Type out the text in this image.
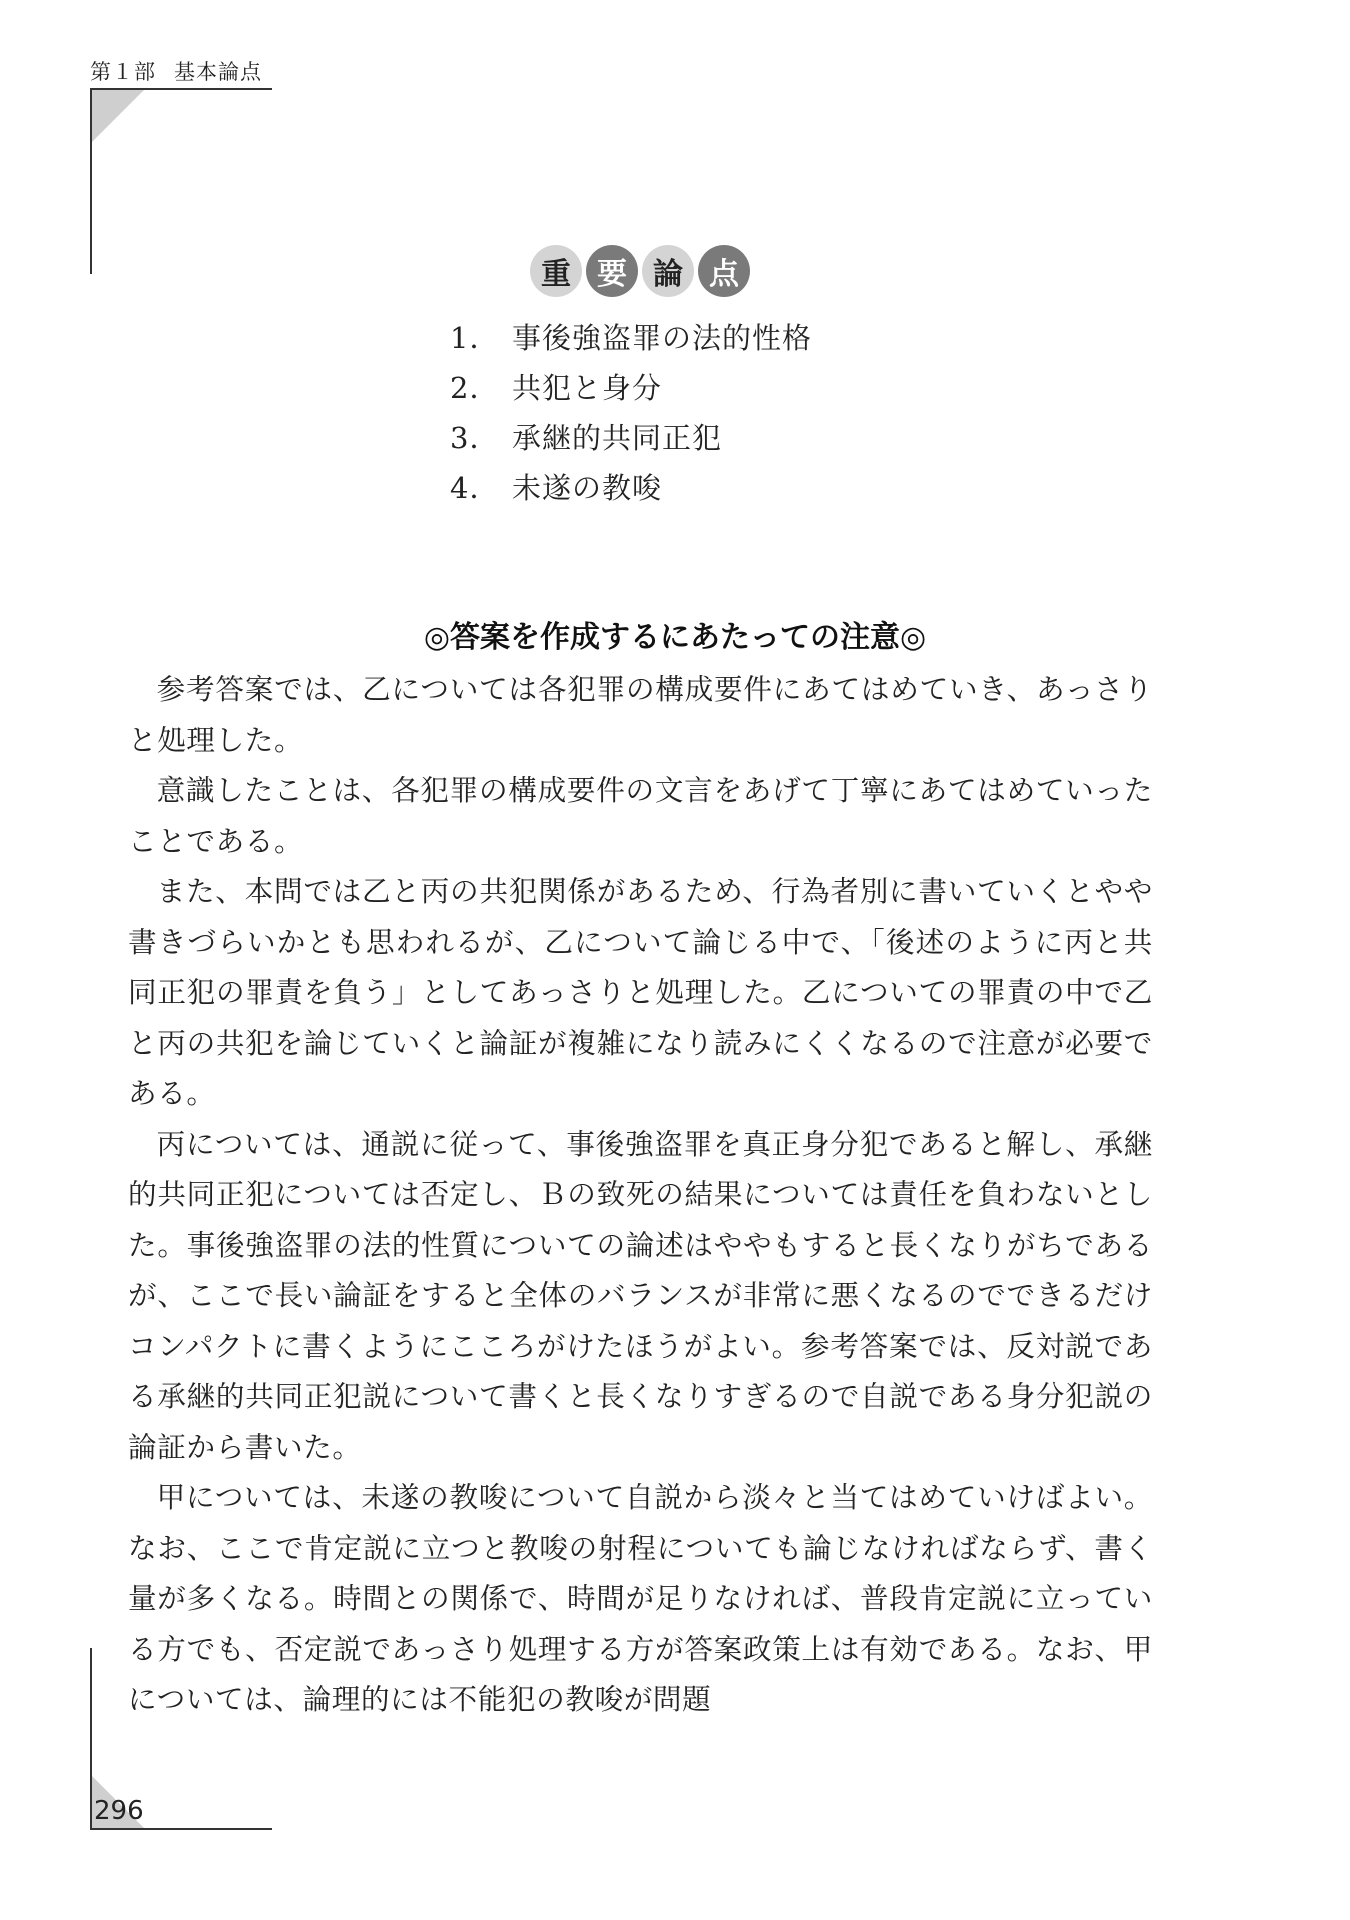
第１部 基本論点
重 要 論 点
1． 事後強盗罪の法的性格
2． 共犯と身分
3． 承継的共同正犯
4． 未遂の教唆
◎答案を作成するにあたっての注意◎

参考答案では、乙については各犯罪の構成要件にあてはめていき、あっさりと処理した。

意識したことは、各犯罪の構成要件の文言をあげて丁寧にあてはめていったことである。

また、本問では乙と丙の共犯関係があるため、行為者別に書いていくとやや書きづらいかとも思われるが、乙について論じる中で、「後述のように丙と共同正犯の罪責を負う」としてあっさりと処理した。乙についての罪責の中で乙と丙の共犯を論じていくと論証が複雑になり読みにくくなるので注意が必要である。

丙については、通説に従って、事後強盗罪を真正身分犯であると解し、承継的共同正犯については否定し、Ｂの致死の結果については責任を負わないとした。事後強盗罪の法的性質についての論述はややもすると長くなりがちであるが、ここで長い論証をすると全体のバランスが非常に悪くなるのでできるだけコンパクトに書くようにこころがけたほうがよい。参考答案では、反対説である承継的共同正犯説について書くと長くなりすぎるので自説である身分犯説の論証から書いた。

甲については、未遂の教唆について自説から淡々と当てはめていけばよい。なお、ここで肯定説に立つと教唆の射程についても論じなければならず、書く量が多くなる。時間との関係で、時間が足りなければ、普段肯定説に立っている方でも、否定説であっさり処理する方が答案政策上は有効である。なお、甲については、論理的には不能犯の教唆が問題

296
